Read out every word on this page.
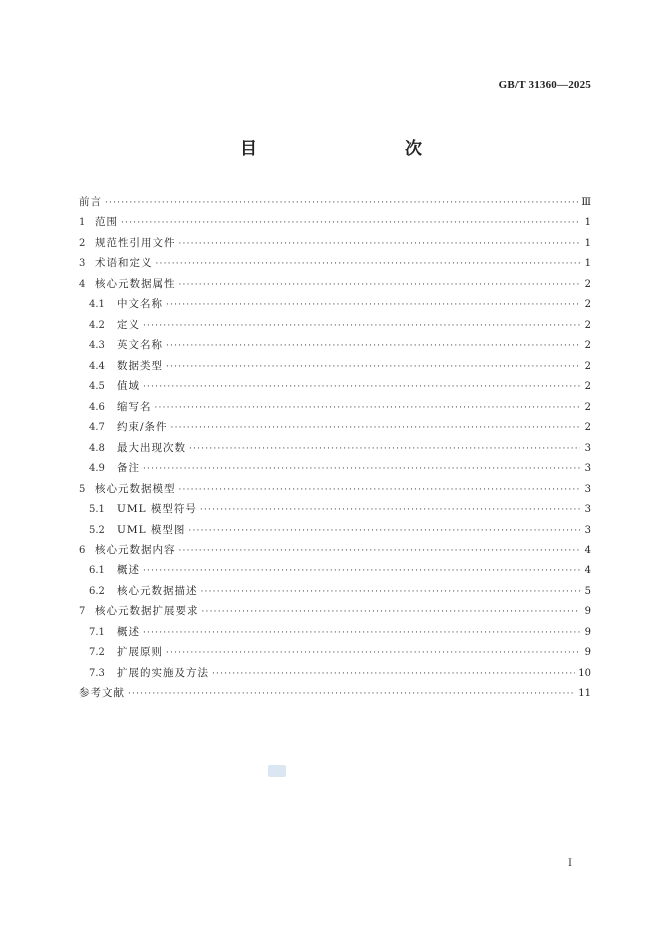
GB/T 31360—2025
目　　次
前言 ·····	Ⅲ
1 范围 ·····	1
2 规范性引用文件 ·····	1
3 术语和定义 ·····	1
4 核心元数据属性 ·····	2
4.1	中文名称 ·····	2
4.2	定义 ·····	2
4.3	英文名称 ·····	2
4.4	数据类型 ·····	2
4.5	值域 ·····	2
4.6	缩写名 ·····	2
4.7	约束/条件 ·····	2
4.8	最大出现次数 ·····	3
4.9	备注 ·····	3
5 核心元数据模型 ·····	3
5.1	UML 模型符号 ·····	3
5.2	UML 模型图 ·····	3
6 核心元数据内容 ·····	4
6.1	概述 ·····	4
6.2	核心元数据描述 ·····	5
7 核心元数据扩展要求 ·····	9
7.1	概述 ·····	9
7.2	扩展原则 ·····	9
7.3	扩展的实施及方法 ·····	10
参考文献 ·····	11
I
